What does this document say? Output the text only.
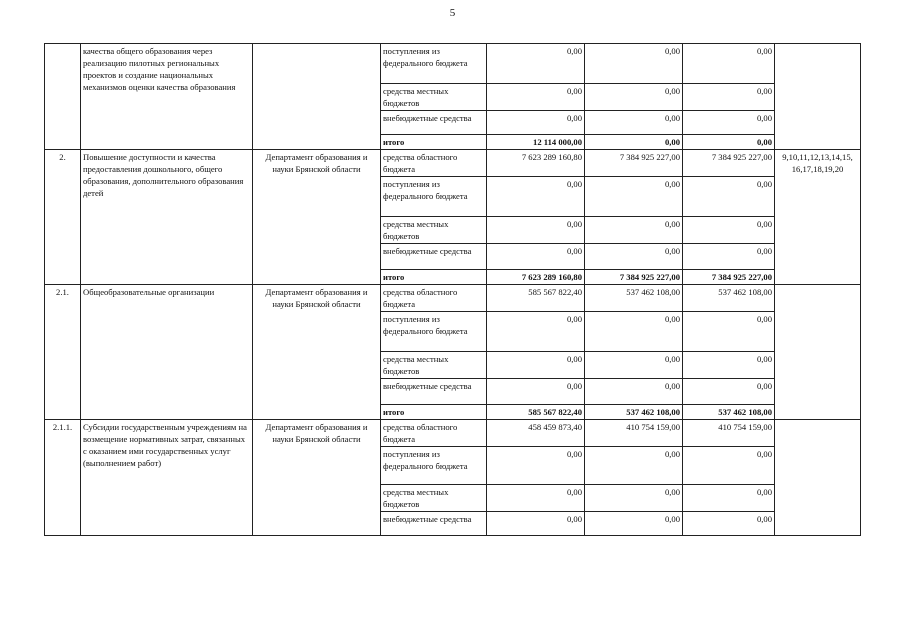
5
	качества общего образования через реализацию пилотных региональных проектов и создание национальных механизмов оценки качества образования		поступления из федерального бюджета	0,00	0,00	0,00	
			средства местных бюджетов	0,00	0,00	0,00	
			внебюджетные средства	0,00	0,00	0,00	
			итого	12 114 000,00	0,00	0,00	
2.	Повышение доступности и качества предоставления дошкольного, общего образования, дополнительного образования детей	Департамент образования и науки Брянской области	средства областного бюджета	7 623 289 160,80	7 384 925 227,00	7 384 925 227,00	9,10,11,12,13,14,15, 16,17,18,19,20
			поступления из федерального бюджета	0,00	0,00	0,00	
			средства местных бюджетов	0,00	0,00	0,00	
			внебюджетные средства	0,00	0,00	0,00	
			итого	7 623 289 160,80	7 384 925 227,00	7 384 925 227,00	
2.1.	Общеобразовательные организации	Департамент образования и науки Брянской области	средства областного бюджета	585 567 822,40	537 462 108,00	537 462 108,00	
			поступления из федерального бюджета	0,00	0,00	0,00	
			средства местных бюджетов	0,00	0,00	0,00	
			внебюджетные средства	0,00	0,00	0,00	
			итого	585 567 822,40	537 462 108,00	537 462 108,00	
2.1.1.	Субсидии государственным учреждениям на возмещение нормативных затрат, связанных с оказанием ими государственных услуг (выполнением работ)	Департамент образования и науки Брянской области	средства областного бюджета	458 459 873,40	410 754 159,00	410 754 159,00	
			поступления из федерального бюджета	0,00	0,00	0,00	
			средства местных бюджетов	0,00	0,00	0,00	
			внебюджетные средства	0,00	0,00	0,00	
